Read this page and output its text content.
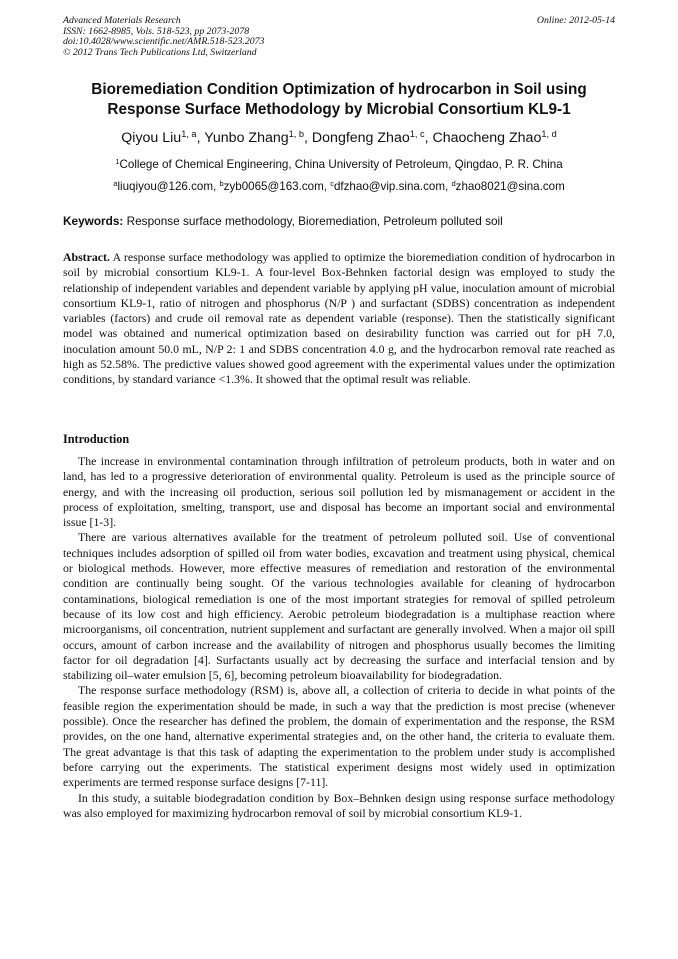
Advanced Materials Research
ISSN: 1662-8985, Vols. 518-523, pp 2073-2078
doi:10.4028/www.scientific.net/AMR.518-523.2073
© 2012 Trans Tech Publications Ltd, Switzerland
Online: 2012-05-14
Bioremediation Condition Optimization of hydrocarbon in Soil using
Response Surface Methodology by Microbial Consortium KL9-1
Qiyou Liu$^{1, a}$, Yunbo Zhang$^{1, b}$, Dongfeng Zhao$^{1, c}$, Chaocheng Zhao$^{1, d}$
$^1$College of Chemical Engineering, China University of Petroleum, Qingdao, P. R. China
$^a$liuqiyou@126.com, $^b$zyb0065@163.com, $^c$dfzhao@vip.sina.com, $^d$zhao8021@sina.com
Keywords: Response surface methodology, Bioremediation, Petroleum polluted soil

Abstract. A response surface methodology was applied to optimize the bioremediation condition of hydrocarbon in soil by microbial consortium KL9-1. A four-level Box-Behnken factorial design was employed to study the relationship of independent variables and dependent variable by applying pH value, inoculation amount of microbial consortium KL9-1, ratio of nitrogen and phosphorus (N/P ) and surfactant (SDBS) concentration as independent variables (factors) and crude oil removal rate as dependent variable (response). Then the statistically significant model was obtained and numerical optimization based on desirability function was carried out for pH 7.0, inoculation amount 50.0 mL, N/P 2: 1 and SDBS concentration 4.0 g, and the hydrocarbon removal rate reached as high as 52.58%. The predictive values showed good agreement with the experimental values under the optimization conditions, by standard variance <1.3%. It showed that the optimal result was reliable.

Introduction

The increase in environmental contamination through infiltration of petroleum products, both in water and on land, has led to a progressive deterioration of environmental quality. Petroleum is used as the principle source of energy, and with the increasing oil production, serious soil pollution led by mismanagement or accident in the process of exploitation, smelting, transport, use and disposal has become an important social and environmental issue [1-3].

There are various alternatives available for the treatment of petroleum polluted soil. Use of conventional techniques includes adsorption of spilled oil from water bodies, excavation and treatment using physical, chemical or biological methods. However, more effective measures of remediation and restoration of the environmental condition are continually being sought. Of the various technologies available for cleaning of hydrocarbon contaminations, biological remediation is one of the most important strategies for removal of spilled petroleum because of its low cost and high efficiency. Aerobic petroleum biodegradation is a multiphase reaction where microorganisms, oil concentration, nutrient supplement and surfactant are generally involved. When a major oil spill occurs, amount of carbon increase and the availability of nitrogen and phosphorus usually becomes the limiting factor for oil degradation [4]. Surfactants usually act by decreasing the surface and interfacial tension and by stabilizing oil–water emulsion [5, 6], becoming petroleum bioavailability for biodegradation.

The response surface methodology (RSM) is, above all, a collection of criteria to decide in what points of the feasible region the experimentation should be made, in such a way that the prediction is most precise (whenever possible). Once the researcher has defined the problem, the domain of experimentation and the response, the RSM provides, on the one hand, alternative experimental strategies and, on the other hand, the criteria to evaluate them. The great advantage is that this task of adapting the experimentation to the problem under study is accomplished before carrying out the experiments. The statistical experiment designs most widely used in optimization experiments are termed response surface designs [7-11].

In this study, a suitable biodegradation condition by Box–Behnken design using response surface methodology was also employed for maximizing hydrocarbon removal of soil by microbial consortium KL9-1.
